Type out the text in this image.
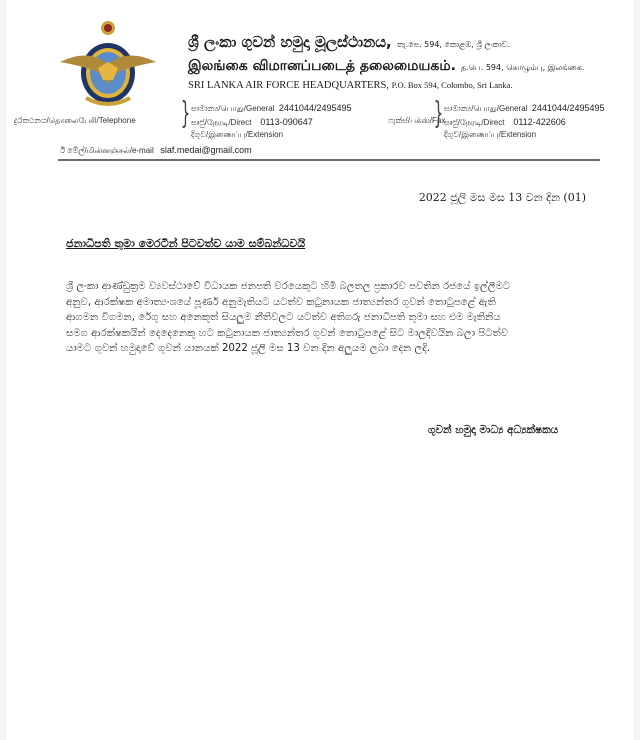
ශ්‍රී ලංකා ගුවන් හමුදා මූලස්ථානය, තැ.පෙ. 594, කොළඹ, ශ්‍රී ලංකාව.
இலங்கை விமானப்படைத் தலைமையகம். த.பெ. 594, கொழும்பு, இலங்கை.
SRI LANKA AIR FORCE HEADQUARTERS, P.O. Box 594, Colombo, Sri Lanka.
දුරකථනය/தொலைபேசி/Telephone } සාමාන්‍ය/பொது/General 2441044/2495495
සෘජු/நேரடி/Direct 0113-090647
දිගුව/இணைப்பு/Extension
ෆැක්ස්/பக்ஸ்/Fax
} සාමාන්‍ය/பொது/General 2441044/2495495
සෘජු/நேரடி/Direct 0112-422606
දිගුව/இணைப்பு/Extension
ඊ මේල්/மின்னஞ்சல்/e-mail slaf.medai@gmail.com
2022 ජූලි මස මස 13 වන දින (01)
ජනාධිපති තුමා මෙරටින් පිටවත්ව යාම සම්බන්ධවයි
ශ්‍රී ලංකා ආණ්ඩුක්‍රම ව්‍යවස්ථාවේ විධායක ජනපති වරයෙකුට හිමි බලතල ප්‍රකාරව පවතින රජයේ ඉල්ලීමට
අනුව, ආරක්ෂක අමාත්‍යංශයේ පූර්ණ අනුමැතියට යටත්ව කටුනායක ජාත්‍යන්තර ගුවන් තොටුපළේ ඇති
ආගමන විගමන, රේගු සහ අනෙකුත් සියලුම නීතිවලට යටත්ව අතිගරු ජනාධිපති තුමා සහ එම මැතිනිය
සමග ආරක්ෂකයින් දෙදෙනෙකු හට කටුනායක ජාත්‍යන්තර ගුවන් තොටුපළේ සිට මාලදිවයින බලා පිටත්ව
යාමට ගුවන් හමුදාවේ ගුවන් යානයක් 2022 ජූලි මස 13 වන දින අලුයම ලබා දෙන ලදි.
ගුවන් හමුදා මාධ්‍ය අධ්‍යක්ෂකය
